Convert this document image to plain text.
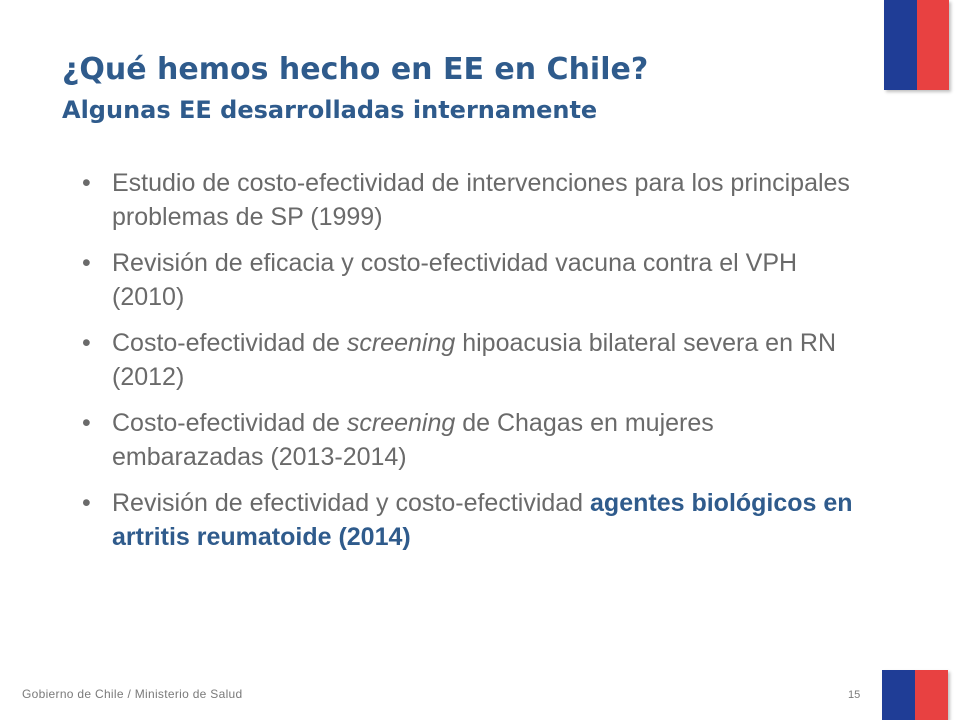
¿Qué hemos hecho en EE en Chile?
Algunas EE desarrolladas internamente
• Estudio de costo-efectividad de intervenciones para los principales problemas de SP (1999)
• Revisión de eficacia y costo-efectividad vacuna contra el VPH (2010)
• Costo-efectividad de screening hipoacusia bilateral severa en RN (2012)
• Costo-efectividad de screening de Chagas en mujeres embarazadas (2013-2014)
• Revisión de efectividad y costo-efectividad agentes biológicos en artritis reumatoide (2014)
Gobierno de Chile / Ministerio de Salud	15
